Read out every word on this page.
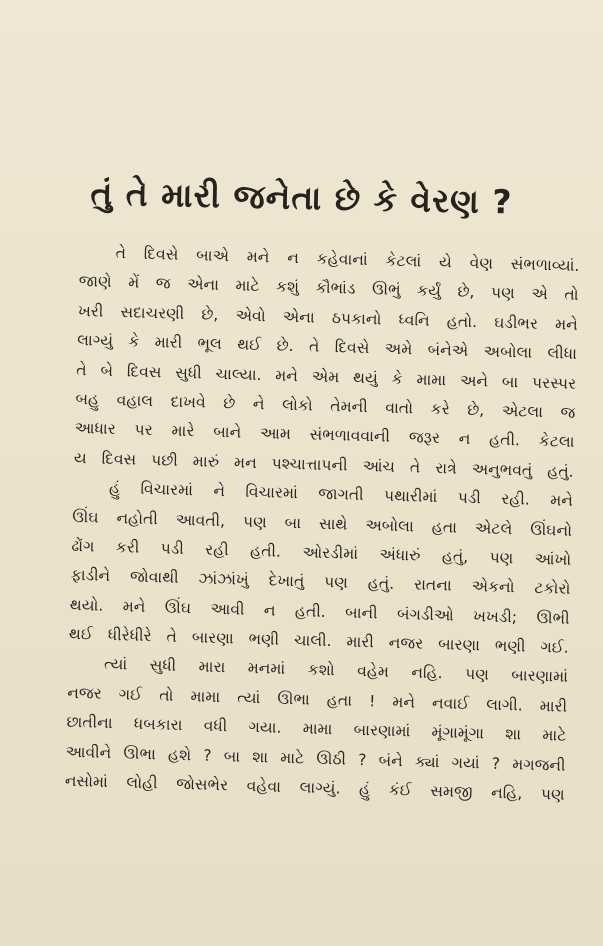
તું તે મારી જનેતા છે કે વેરણ ?
તે દિવસે બાએ મને ન કહેવાનાં કેટલાં યે વેણ સંભળાવ્યાં.
જાણે મેં જ એના માટે કશું કૌભાંડ ઊભું કર્યું છે, પણ એ તો
ખરી સદાચરણી છે, એવો એના ઠપકાનો ધ્વનિ હતો. ઘડીભર મને
લાગ્યું કે મારી ભૂલ થઈ છે. તે દિવસે અમે બંનેએ અબોલા લીધા
તે બે દિવસ સુધી ચાલ્યા. મને એમ થયું કે મામા અને બા પરસ્પર
બહુ વહાલ દાખવે છે ને લોકો તેમની વાતો કરે છે, એટલા જ
આધાર પર મારે બાને આમ સંભળાવવાની જરૂર ન હતી. કેટલા
ય દિવસ પછી મારું મન પશ્ચાત્તાપની આંચ તે રાત્રે અનુભવતું હતું.
હું વિચારમાં ને વિચારમાં જાગતી પથારીમાં પડી રહી. મને
ઊંઘ નહોતી આવતી, પણ બા સાથે અબોલા હતા એટલે ઊંઘનો
ઢોંગ કરી પડી રહી હતી. ઓરડીમાં અંધારું હતું, પણ આંખો
ફાડીને જોવાથી ઝાંઝાંખું દેખાતું પણ હતું. રાતના એકનો ટકોરો
થયો. મને ઊંઘ આવી ન હતી. બાની બંગડીઓ ખખડી; ઊભી
થઈ ધીરેધીરે તે બારણા ભણી ચાલી. મારી નજર બારણા ભણી ગઈ.
ત્યાં સુધી મારા મનમાં કશો વહેમ નહિ. પણ બારણામાં
નજર ગઈ તો મામા ત્યાં ઊભા હતા ! મને નવાઈ લાગી. મારી
છાતીના ધબકારા વધી ગયા. મામા બારણામાં મૂંગામૂંગા શા માટે
આવીને ઊભા હશે ? બા શા માટે ઊઠી ? બંને ક્યાં ગયાં ? મગજની
નસોમાં લોહી જોસભેર વહેવા લાગ્યું. હું કંઈ સમજી નહિ, પણ
